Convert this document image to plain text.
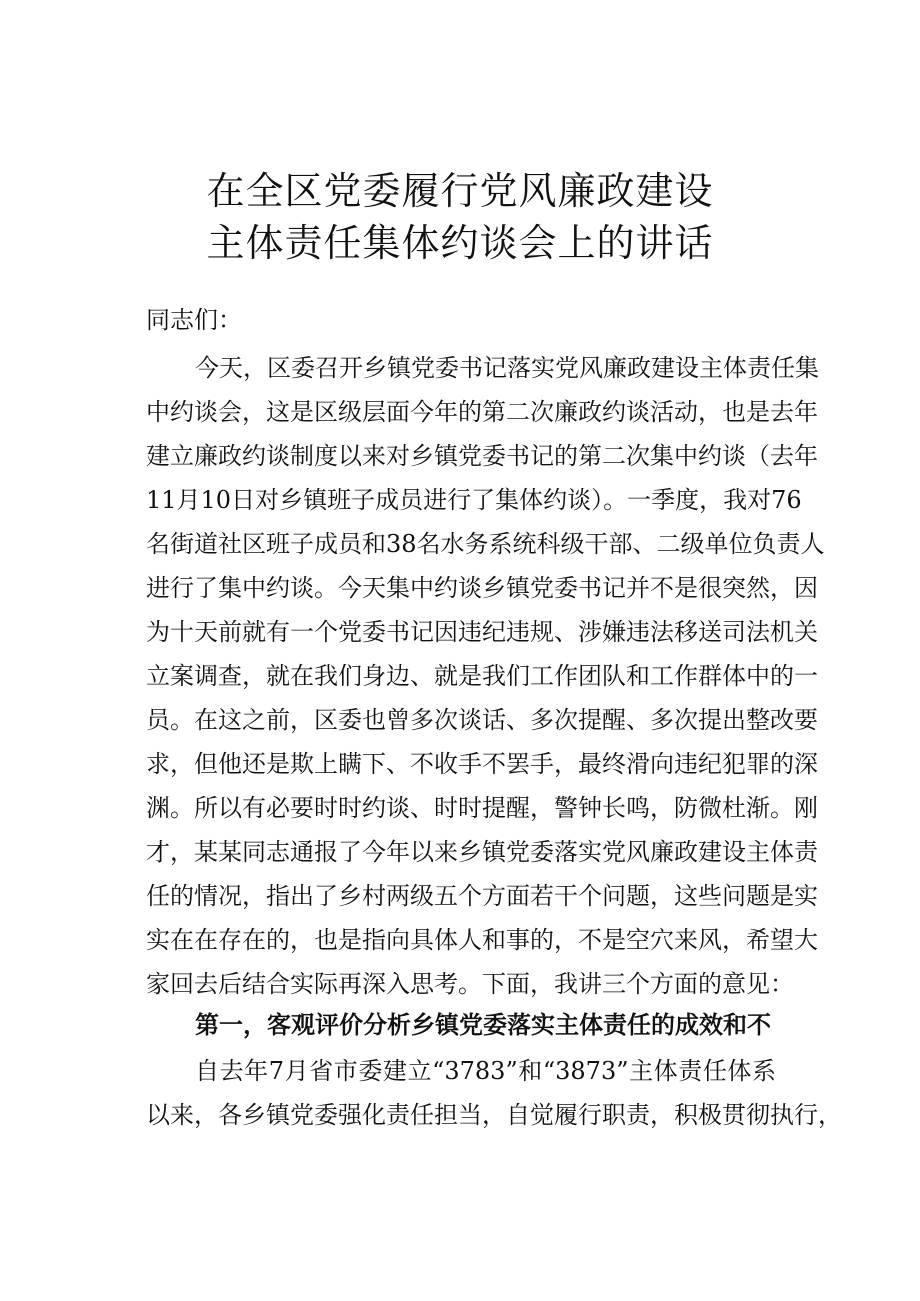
在全区党委履行党风廉政建设
主体责任集体约谈会上的讲话
同志们：
今天，区委召开乡镇党委书记落实党风廉政建设主体责任集
中约谈会，这是区级层面今年的第二次廉政约谈活动，也是去年
建立廉政约谈制度以来对乡镇党委书记的第二次集中约谈（去年
11月10日对乡镇班子成员进行了集体约谈）。一季度，我对76
名街道社区班子成员和38名水务系统科级干部、二级单位负责人
进行了集中约谈。今天集中约谈乡镇党委书记并不是很突然，因
为十天前就有一个党委书记因违纪违规、涉嫌违法移送司法机关
立案调查，就在我们身边、就是我们工作团队和工作群体中的一
员。在这之前，区委也曾多次谈话、多次提醒、多次提出整改要
求，但他还是欺上瞒下、不收手不罢手，最终滑向违纪犯罪的深
渊。所以有必要时时约谈、时时提醒，警钟长鸣，防微杜渐。刚
才，某某同志通报了今年以来乡镇党委落实党风廉政建设主体责
任的情况，指出了乡村两级五个方面若干个问题，这些问题是实
实在在存在的，也是指向具体人和事的，不是空穴来风，希望大
家回去后结合实际再深入思考。下面，我讲三个方面的意见：
第一，客观评价分析乡镇党委落实主体责任的成效和不
自去年7月省市委建立“3783”和“3873”主体责任体系
以来，各乡镇党委强化责任担当，自觉履行职责，积极贯彻执行，
